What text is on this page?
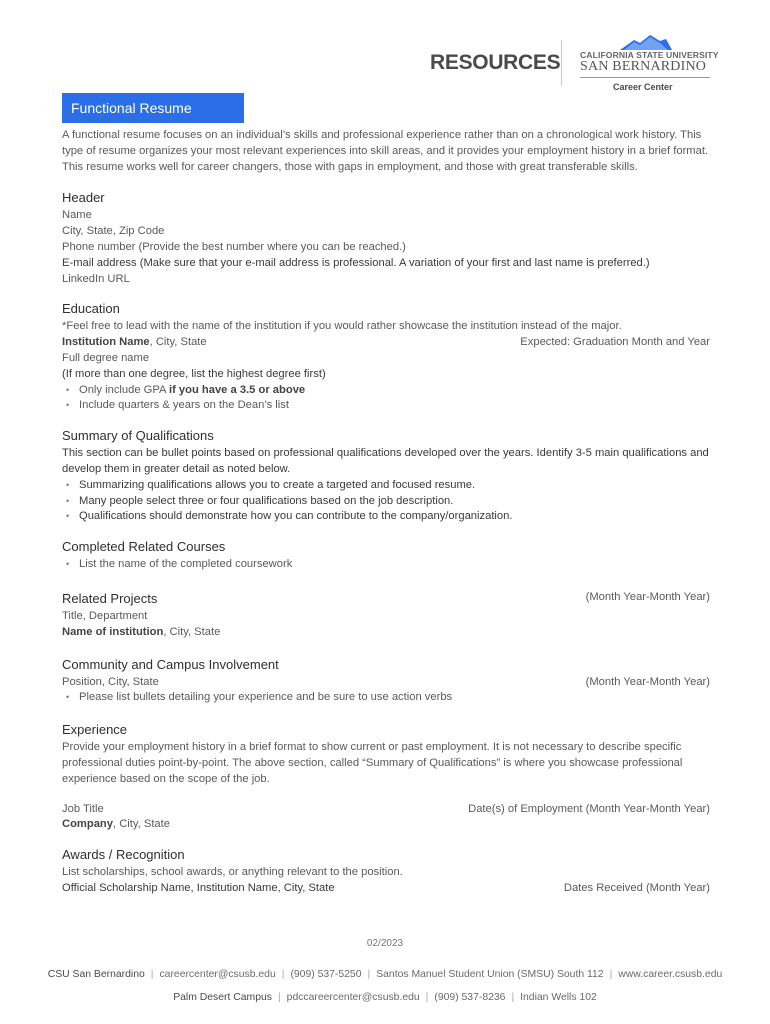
RESOURCES CALIFORNIA STATE UNIVERSITY
SAN BERNARDINO
Career Center
Functional Resume

A functional resume focuses on an individual’s skills and professional experience rather than on a chronological work history. This type of resume organizes your most relevant experiences into skill areas, and it provides your employment history in a brief format. This resume works well for career changers, those with gaps in employment, and those with great transferable skills.

Header
Name
City, State, Zip Code
Phone number (Provide the best number where you can be reached.)
E-mail address (Make sure that your e-mail address is professional. A variation of your first and last name is preferred.)
LinkedIn URL
Education
*Feel free to lead with the name of the institution if you would rather showcase the institution instead of the major.
Institution Name, City, State	Expected: Graduation Month and Year
Full degree name
(If more than one degree, list the highest degree first)
• Only include GPA if you have a 3.5 or above
• Include quarters & years on the Dean’s list
Summary of Qualifications
This section can be bullet points based on professional qualifications developed over the years. Identify 3-5 main qualifications and develop them in greater detail as noted below.
• Summarizing qualifications allows you to create a targeted and focused resume.
• Many people select three or four qualifications based on the job description.
• Qualifications should demonstrate how you can contribute to the company/organization.
Completed Related Courses
• List the name of the completed coursework
Related Projects	(Month Year-Month Year)
Title, Department
Name of institution, City, State
Community and Campus Involvement
Position, City, State	(Month Year-Month Year)
• Please list bullets detailing your experience and be sure to use action verbs
Experience
Provide your employment history in a brief format to show current or past employment. It is not necessary to describe specific professional duties point-by-point. The above section, called “Summary of Qualifications” is where you showcase professional experience based on the scope of the job.
Job Title	Date(s) of Employment (Month Year-Month Year)
Company, City, State
Awards / Recognition
List scholarships, school awards, or anything relevant to the position.
Official Scholarship Name, Institution Name, City, State	Dates Received (Month Year)
02/2023
CSU San Bernardino | careercenter@csusb.edu | (909) 537-5250 | Santos Manuel Student Union (SMSU) South 112 | www.career.csusb.edu
Palm Desert Campus | pdccareercenter@csusb.edu | (909) 537-8236 | Indian Wells 102
